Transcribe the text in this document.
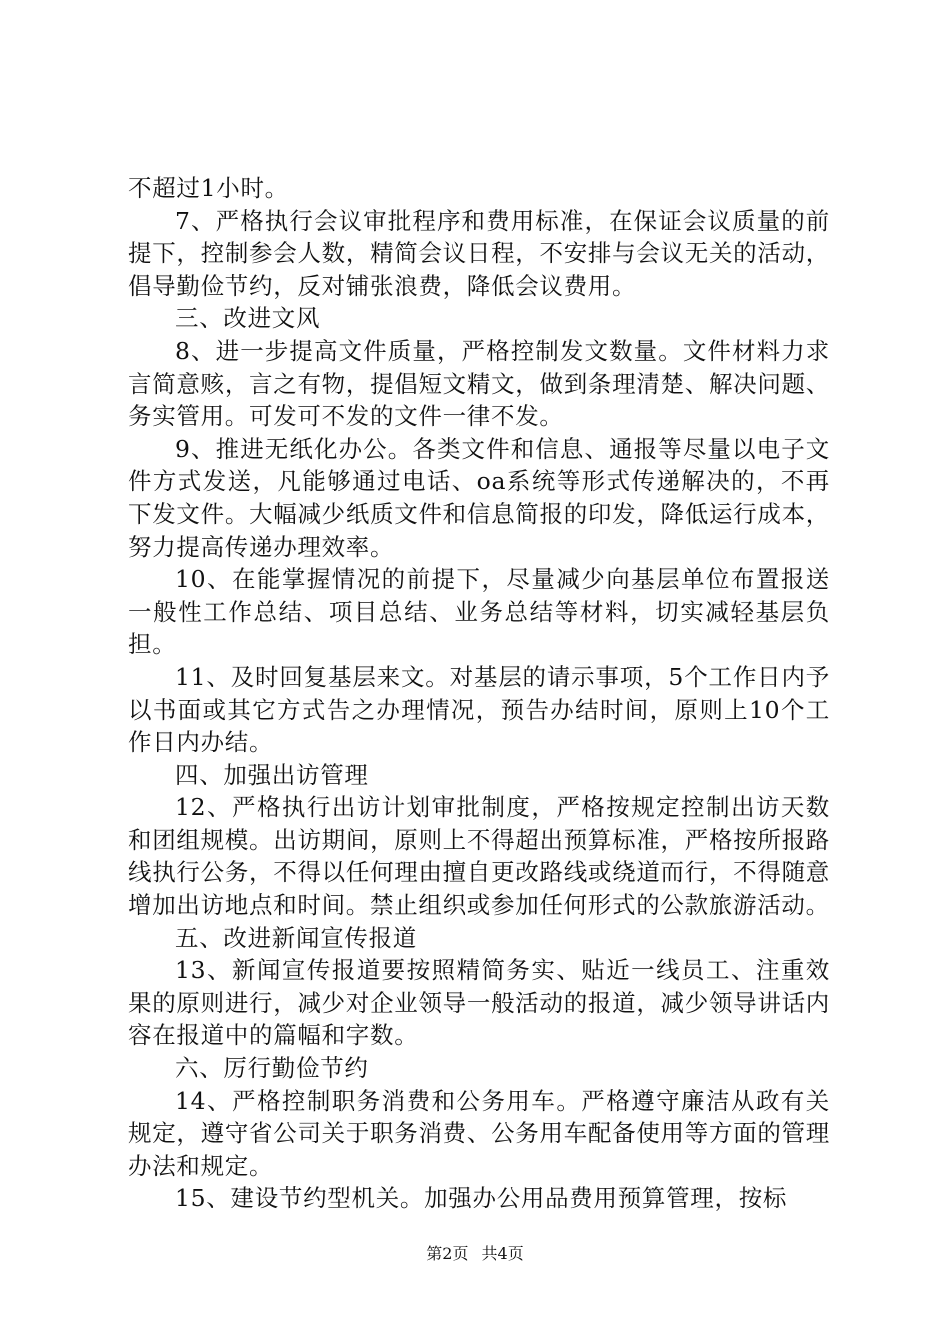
不超过1小时。

7、严格执行会议审批程序和费用标准，在保证会议质量的前提下，控制参会人数，精简会议日程，不安排与会议无关的活动，倡导勤俭节约，反对铺张浪费，降低会议费用。

三、改进文风

8、进一步提高文件质量，严格控制发文数量。文件材料力求言简意赅，言之有物，提倡短文精文，做到条理清楚、解决问题、务实管用。可发可不发的文件一律不发。

9、推进无纸化办公。各类文件和信息、通报等尽量以电子文件方式发送，凡能够通过电话、oa系统等形式传递解决的，不再下发文件。大幅减少纸质文件和信息简报的印发，降低运行成本，努力提高传递办理效率。

10、在能掌握情况的前提下，尽量减少向基层单位布置报送一般性工作总结、项目总结、业务总结等材料，切实减轻基层负担。

11、及时回复基层来文。对基层的请示事项，5个工作日内予以书面或其它方式告之办理情况，预告办结时间，原则上10个工作日内办结。

四、加强出访管理

12、严格执行出访计划审批制度，严格按规定控制出访天数和团组规模。出访期间，原则上不得超出预算标准，严格按所报路线执行公务，不得以任何理由擅自更改路线或绕道而行，不得随意增加出访地点和时间。禁止组织或参加任何形式的公款旅游活动。

五、改进新闻宣传报道

13、新闻宣传报道要按照精简务实、贴近一线员工、注重效果的原则进行，减少对企业领导一般活动的报道，减少领导讲话内容在报道中的篇幅和字数。

六、厉行勤俭节约

14、严格控制职务消费和公务用车。严格遵守廉洁从政有关规定，遵守省公司关于职务消费、公务用车配备使用等方面的管理办法和规定。

15、建设节约型机关。加强办公用品费用预算管理，按标

第2页 共4页
